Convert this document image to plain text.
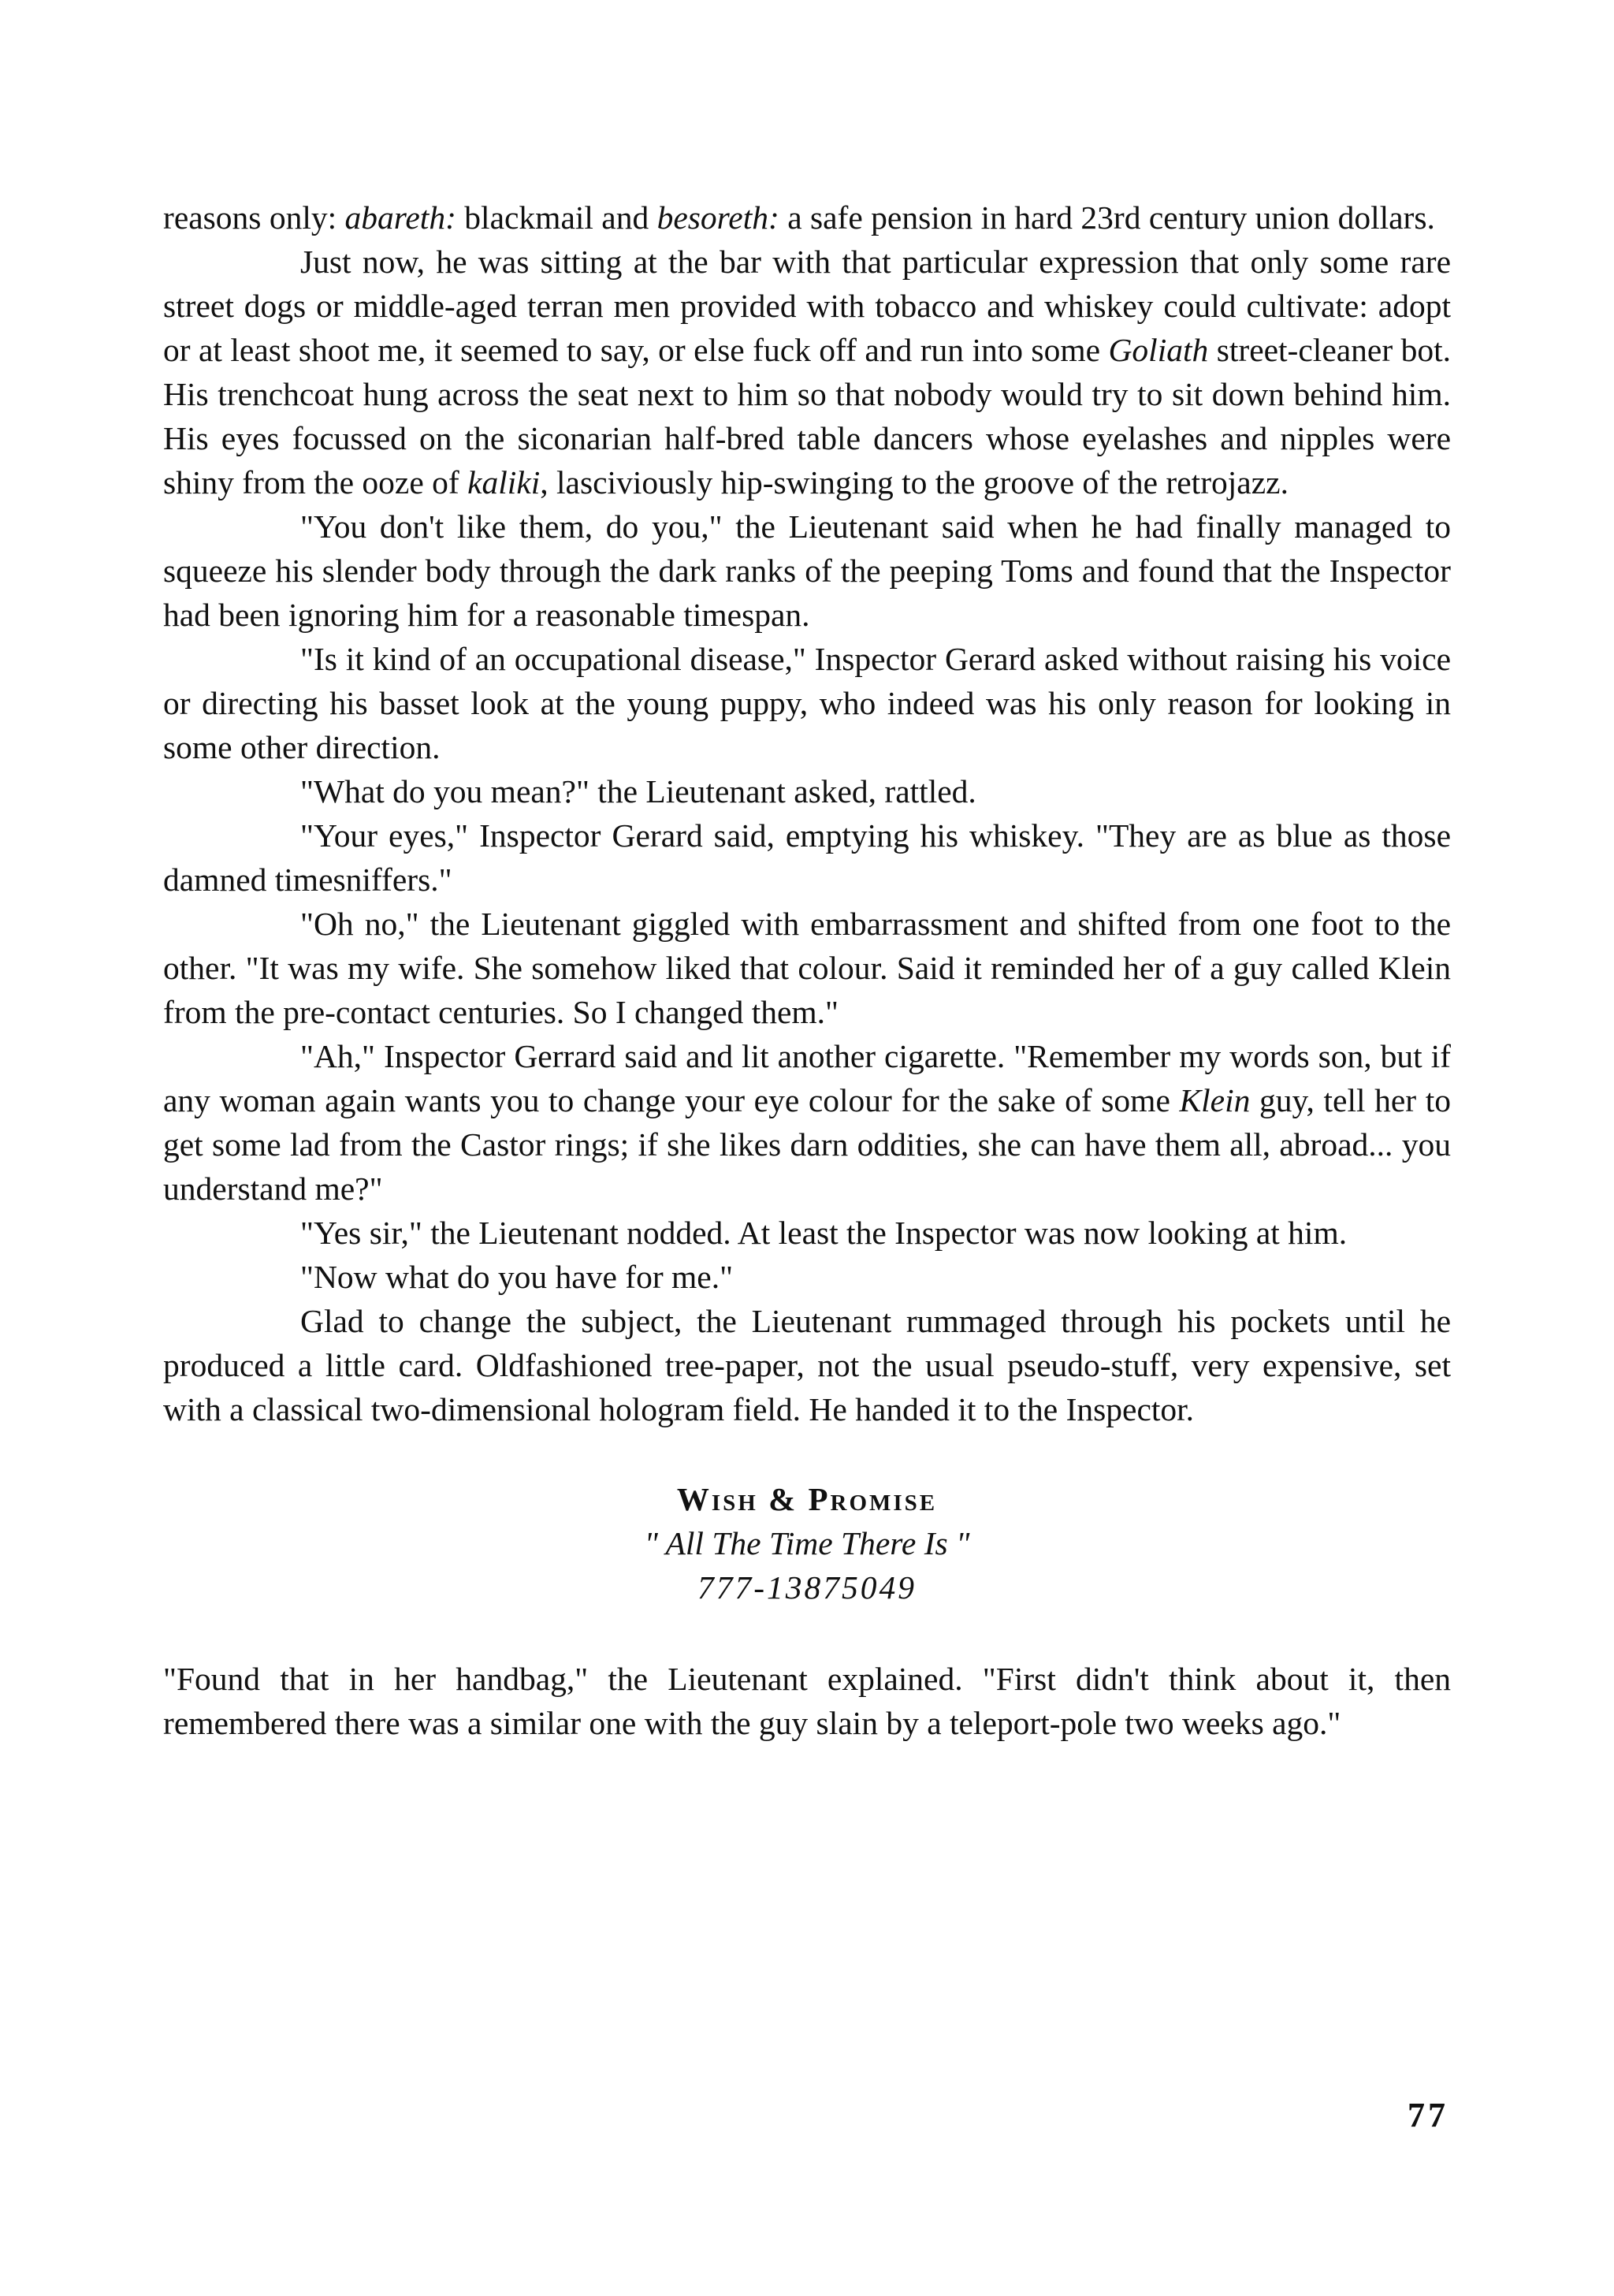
reasons only: abareth: blackmail and besoreth: a safe pension in hard 23rd century union dollars.

Just now, he was sitting at the bar with that particular expression that only some rare street dogs or middle-aged terran men provided with tobacco and whiskey could cultivate: adopt or at least shoot me, it seemed to say, or else fuck off and run into some Goliath street-cleaner bot. His trenchcoat hung across the seat next to him so that nobody would try to sit down behind him. His eyes focussed on the siconarian half-bred table dancers whose eyelashes and nipples were shiny from the ooze of kaliki, lasciviously hip-swinging to the groove of the retrojazz.

"You don't like them, do you," the Lieutenant said when he had finally managed to squeeze his slender body through the dark ranks of the peeping Toms and found that the Inspector had been ignoring him for a reasonable timespan.

"Is it kind of an occupational disease," Inspector Gerard asked without raising his voice or directing his basset look at the young puppy, who indeed was his only reason for looking in some other direction.

"What do you mean?" the Lieutenant asked, rattled.

"Your eyes," Inspector Gerard said, emptying his whiskey. "They are as blue as those damned timesniffers."

"Oh no," the Lieutenant giggled with embarrassment and shifted from one foot to the other. "It was my wife. She somehow liked that colour. Said it reminded her of a guy called Klein from the pre-contact centuries. So I changed them."

"Ah," Inspector Gerrard said and lit another cigarette. "Remember my words son, but if any woman again wants you to change your eye colour for the sake of some Klein guy, tell her to get some lad from the Castor rings; if she likes darn oddities, she can have them all, abroad... you understand me?"

"Yes sir," the Lieutenant nodded. At least the Inspector was now looking at him.

"Now what do you have for me."

Glad to change the subject, the Lieutenant rummaged through his pockets until he produced a little card. Oldfashioned tree-paper, not the usual pseudo-stuff, very expensive, set with a classical two-dimensional hologram field. He handed it to the Inspector.

Wish & Promise
" All The Time There Is "
777-13875049

"Found that in her handbag," the Lieutenant explained. "First didn't think about it, then remembered there was a similar one with the guy slain by a teleport-pole two weeks ago."

77
